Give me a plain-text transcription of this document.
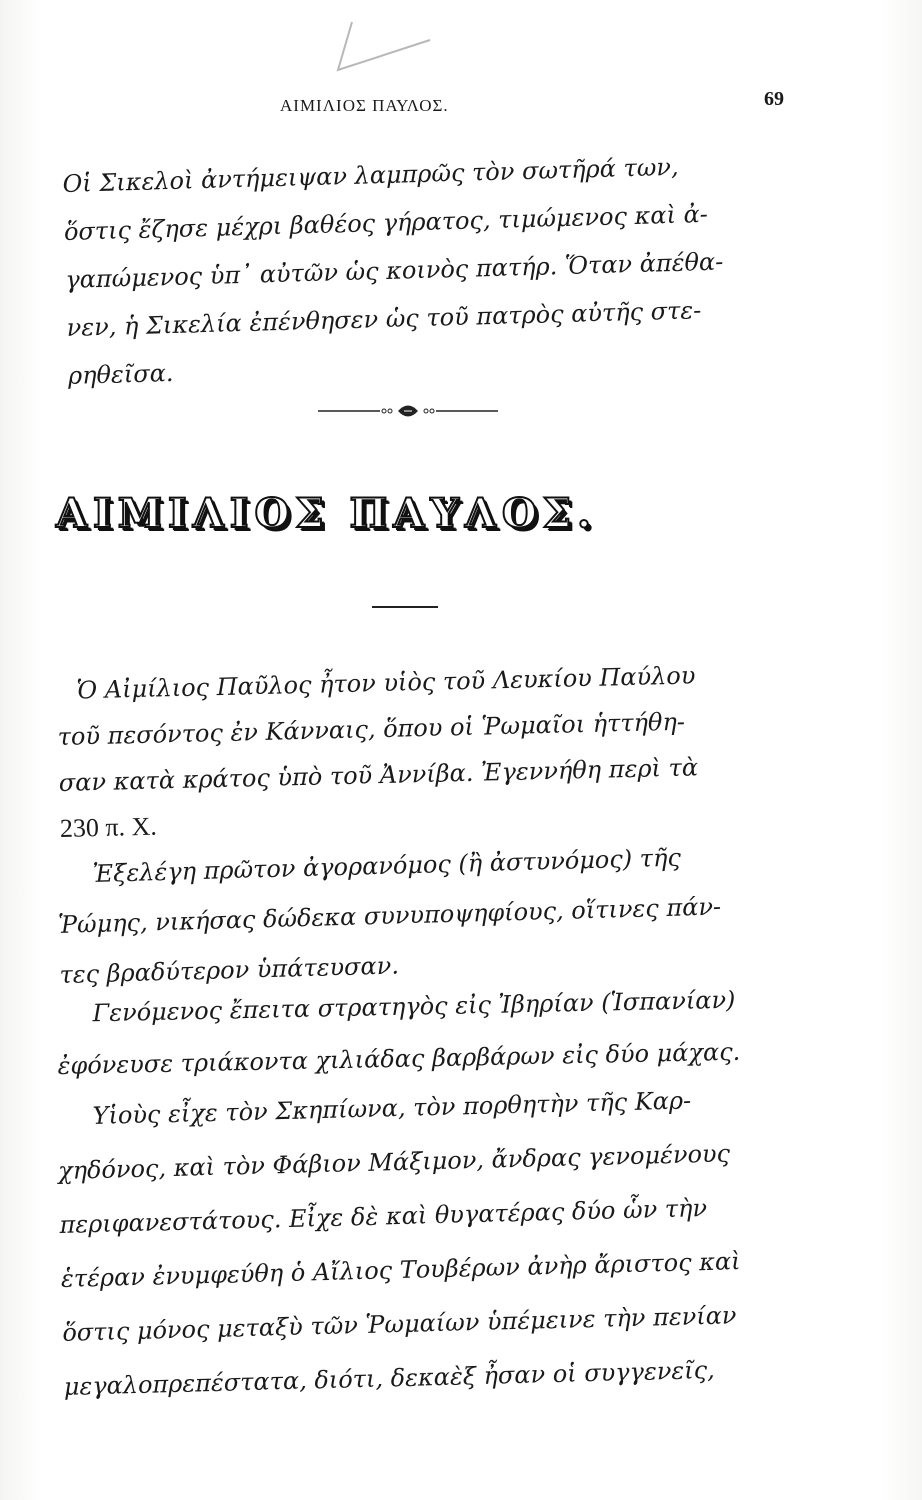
ΑΙΜΙΛΙΟΣ ΠΑΥΛΟΣ.	69
Οἱ Σικελοὶ ἀντήμειψαν λαμπρῶς τὸν σωτῆρά των,
ὅστις ἔζησε μέχρι βαθέος γήρατος, τιμώμενος καὶ ἀ-
γαπώμενος ὑπ᾽ αὐτῶν ὡς κοινὸς πατήρ. Ὅταν ἀπέθα-
νεν, ἡ Σικελία ἐπένθησεν ὡς τοῦ πατρὸς αὐτῆς στε-
ρηθεῖσα.
ΑΙΜΙΛΙΟΣ ΠΑΥΛΟΣ.
Ὁ Αἰμίλιος Παῦλος ἦτον υἱὸς τοῦ Λευκίου Παύλου
τοῦ πεσόντος ἐν Κάνναις, ὅπου οἱ Ῥωμαῖοι ἡττήθη-
σαν κατὰ κράτος ὑπὸ τοῦ Ἀννίβα. Ἐγεννήθη περὶ τὰ
230 π. Χ.
Ἐξελέγη πρῶτον ἀγορανόμος (ἢ ἀστυνόμος) τῆς
Ῥώμης, νικήσας δώδεκα συνυποψηφίους, οἵτινες πάν-
τες βραδύτερον ὑπάτευσαν.
Γενόμενος ἔπειτα στρατηγὸς εἰς Ἰβηρίαν (Ἱσπανίαν)
ἐφόνευσε τριάκοντα χιλιάδας βαρβάρων εἰς δύο μάχας.
Υἱοὺς εἶχε τὸν Σκηπίωνα, τὸν πορθητὴν τῆς Καρ-
χηδόνος, καὶ τὸν Φάβιον Μάξιμον, ἄνδρας γενομένους
περιφανεστάτους. Εἶχε δὲ καὶ θυγατέρας δύο ὧν τὴν
ἑτέραν ἐνυμφεύθη ὁ Αἴλιος Τουβέρων ἀνὴρ ἄριστος καὶ
ὅστις μόνος μεταξὺ τῶν Ῥωμαίων ὑπέμεινε τὴν πενίαν
μεγαλοπρεπέστατα, διότι, δεκαὲξ ἦσαν οἱ συγγενεῖς,
